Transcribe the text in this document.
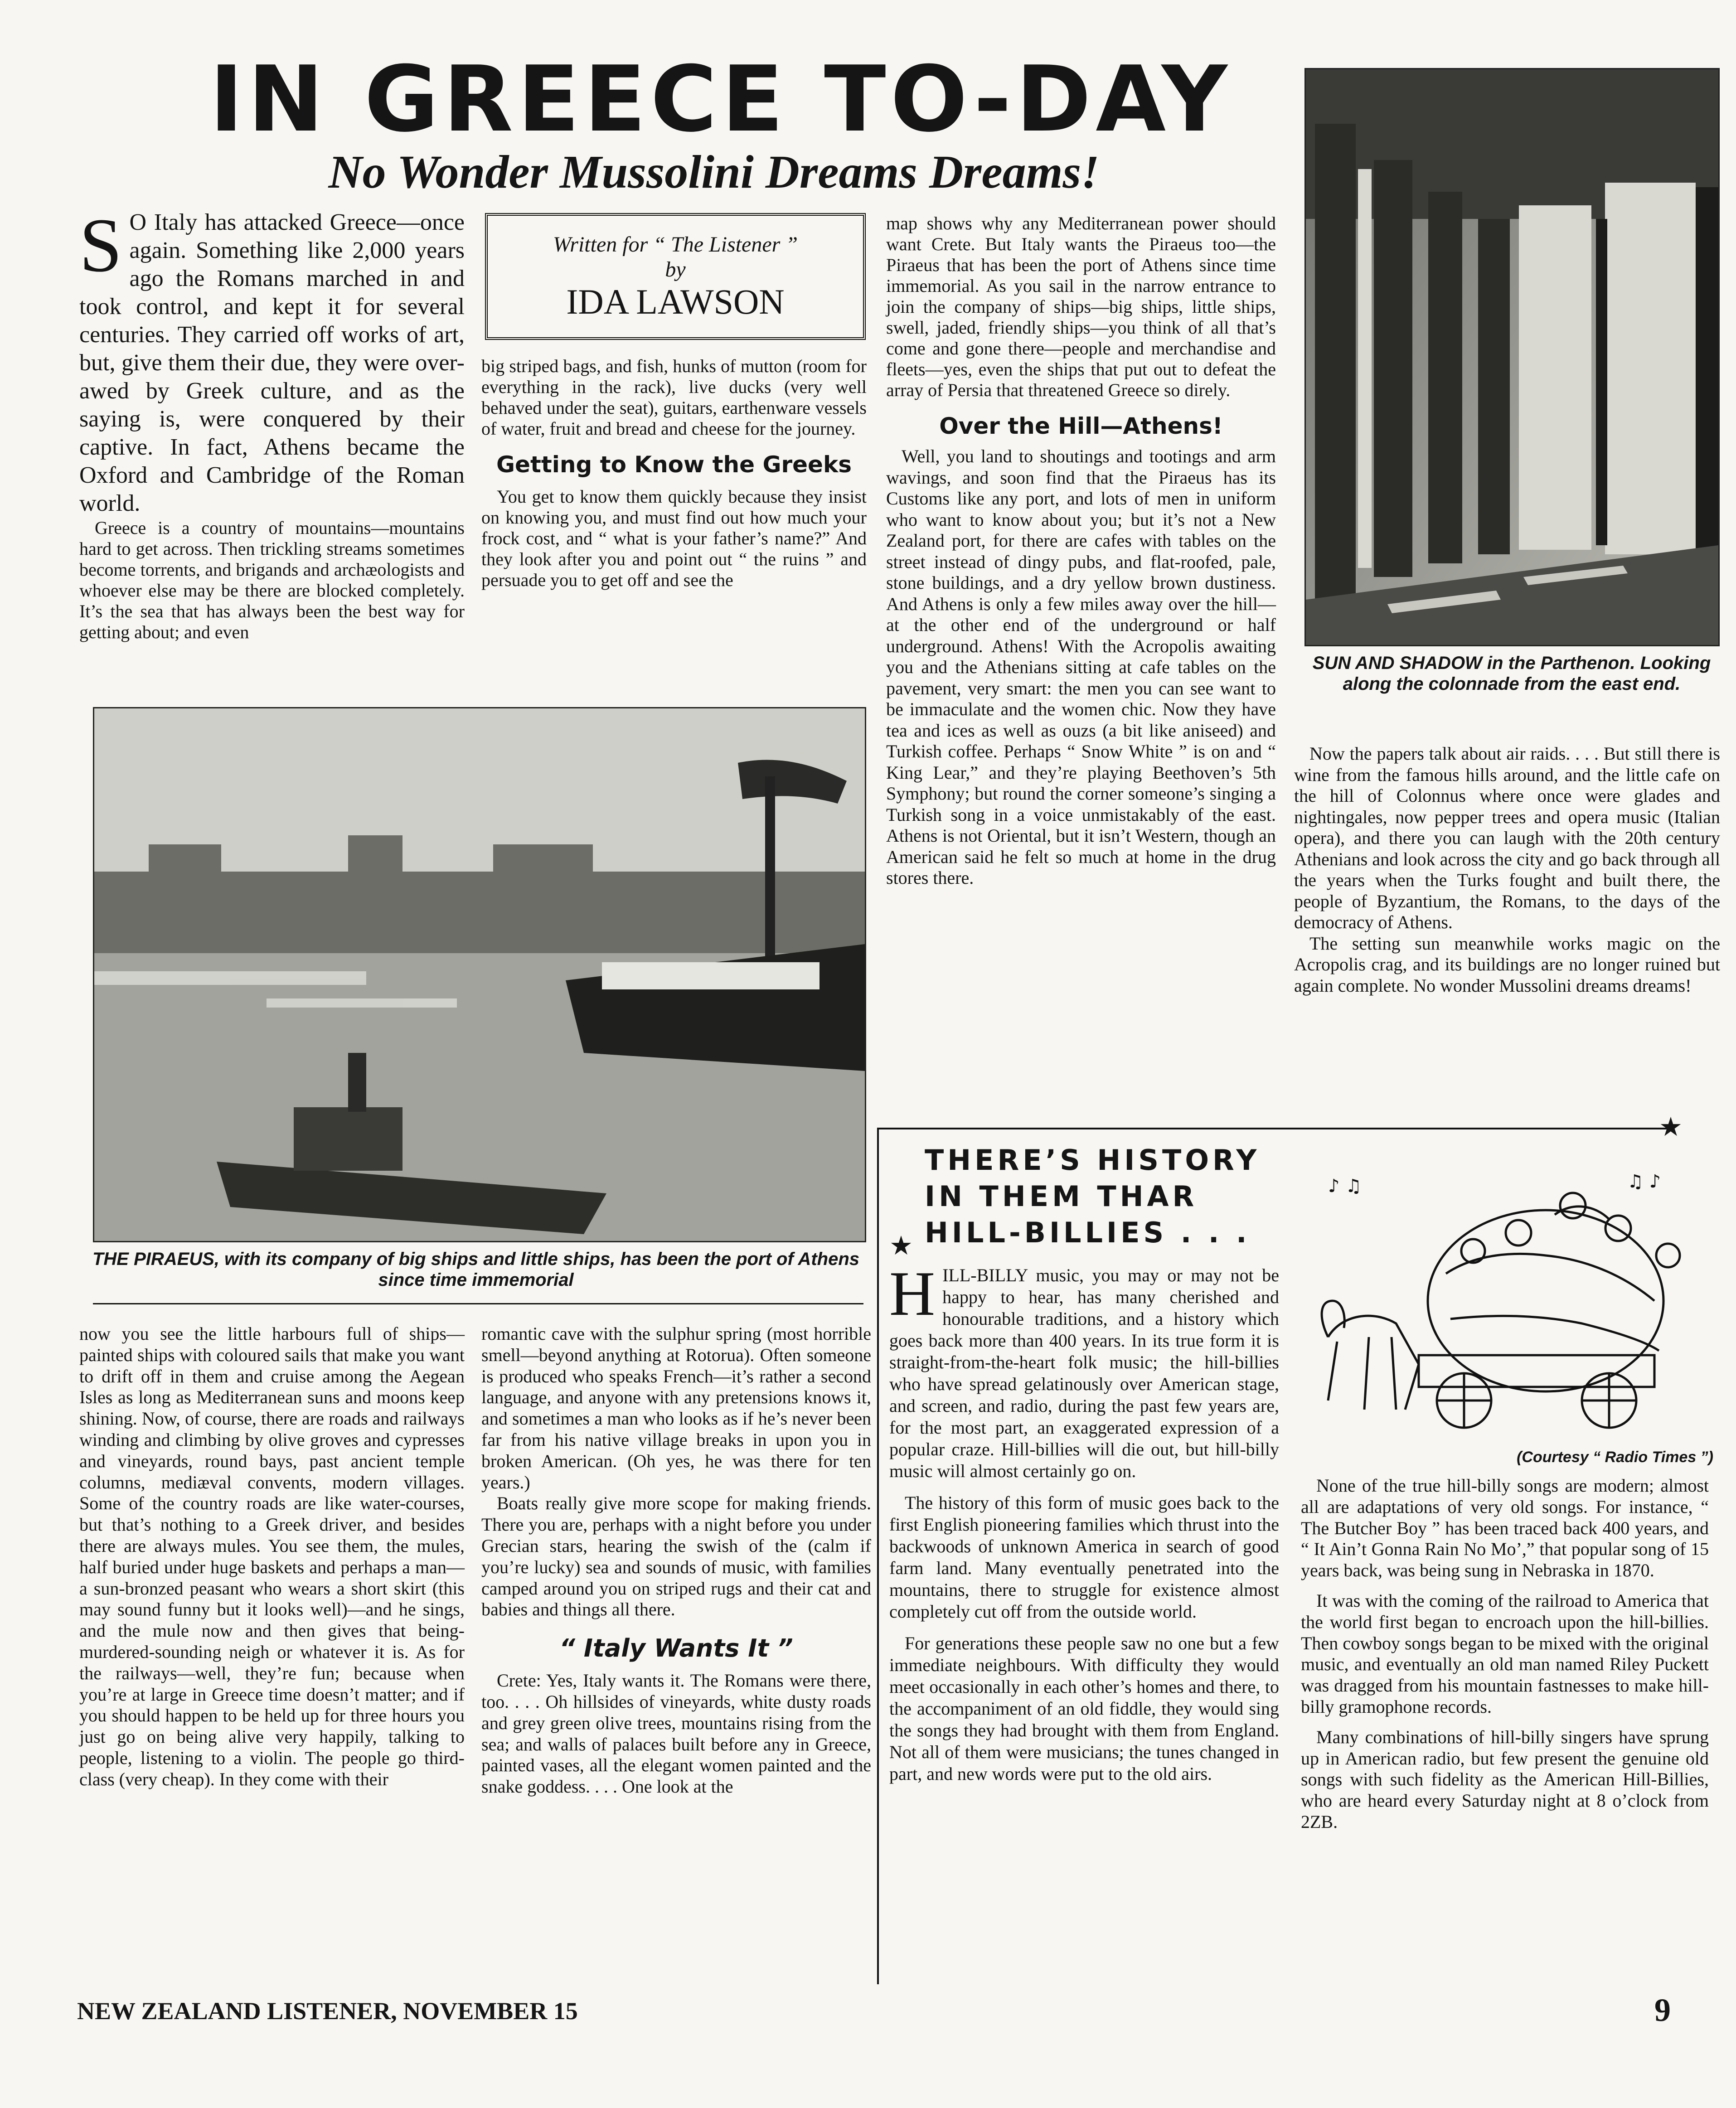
IN GREECE TO-DAY
No Wonder Mussolini Dreams Dreams!
SUN AND SHADOW in the Parthenon. Looking along the colonnade from the east end.
Written for “ The Listener ”
by
IDA LAWSON
S O Italy has attacked Greece—once again. Something like 2,000 years ago the Romans marched in and took control, and kept it for several centuries. They carried off works of art, but, give them their due, they were over-awed by Greek culture, and as the saying is, were conquered by their captive. In fact, Athens became the Oxford and Cambridge of the Roman world.

Greece is a country of mountains—mountains hard to get across. Then trickling streams sometimes become torrents, and brigands and archæologists and whoever else may be there are blocked completely. It’s the sea that has always been the best way for getting about; and even

big striped bags, and fish, hunks of mutton (room for everything in the rack), live ducks (very well behaved under the seat), guitars, earthenware vessels of water, fruit and bread and cheese for the journey.

Getting to Know the Greeks

You get to know them quickly because they insist on knowing you, and must find out how much your frock cost, and “ what is your father’s name?” And they look after you and point out “ the ruins ” and persuade you to get off and see the

map shows why any Mediterranean power should want Crete. But Italy wants the Piraeus too—the Piraeus that has been the port of Athens since time immemorial. As you sail in the narrow entrance to join the company of ships—big ships, little ships, swell, jaded, friendly ships—you think of all that’s come and gone there—people and merchandise and fleets—yes, even the ships that put out to defeat the array of Persia that threatened Greece so direly.

Over the Hill—Athens!

Well, you land to shoutings and tootings and arm wavings, and soon find that the Piraeus has its Customs like any port, and lots of men in uniform who want to know about you; but it’s not a New Zealand port, for there are cafes with tables on the street instead of dingy pubs, and flat-roofed, pale, stone buildings, and a dry yellow brown dustiness. And Athens is only a few miles away over the hill—at the other end of the underground or half underground. Athens! With the Acropolis awaiting you and the Athenians sitting at cafe tables on the pavement, very smart: the men you can see want to be immaculate and the women chic. Now they have tea and ices as well as ouzs (a bit like aniseed) and Turkish coffee. Perhaps “ Snow White ” is on and “ King Lear,” and they’re playing Beethoven’s 5th Symphony; but round the corner someone’s singing a Turkish song in a voice unmistakably of the east. Athens is not Oriental, but it isn’t Western, though an American said he felt so much at home in the drug stores there.

Now the papers talk about air raids. . . . But still there is wine from the famous hills around, and the little cafe on the hill of Colonnus where once were glades and nightingales, now pepper trees and opera music (Italian opera), and there you can laugh with the 20th century Athenians and look across the city and go back through all the years when the Turks fought and built there, the people of Byzantium, the Romans, to the days of the democracy of Athens.

The setting sun meanwhile works magic on the Acropolis crag, and its buildings are no longer ruined but again complete. No wonder Mussolini dreams dreams!

THE PIRAEUS, with its company of big ships and little ships, has been the port of Athens since time immemorial

now you see the little harbours full of ships—painted ships with coloured sails that make you want to drift off in them and cruise among the Aegean Isles as long as Mediterranean suns and moons keep shining. Now, of course, there are roads and railways winding and climbing by olive groves and cypresses and vineyards, round bays, past ancient temple columns, mediæval convents, modern villages. Some of the country roads are like water-courses, but that’s nothing to a Greek driver, and besides there are always mules. You see them, the mules, half buried under huge baskets and perhaps a man—a sun-bronzed peasant who wears a short skirt (this may sound funny but it looks well)—and he sings, and the mule now and then gives that being-murdered-sounding neigh or whatever it is. As for the railways—well, they’re fun; because when you’re at large in Greece time doesn’t matter; and if you should happen to be held up for three hours you just go on being alive very happily, talking to people, listening to a violin. The people go third-class (very cheap). In they come with their

romantic cave with the sulphur spring (most horrible smell—beyond anything at Rotorua). Often someone is produced who speaks French—it’s rather a second language, and anyone with any pretensions knows it, and sometimes a man who looks as if he’s never been far from his native village breaks in upon you in broken American. (Oh yes, he was there for ten years.)

Boats really give more scope for making friends. There you are, perhaps with a night before you under Grecian stars, hearing the swish of the (calm if you’re lucky) sea and sounds of music, with families camped around you on striped rugs and their cat and babies and things all there.

“ Italy Wants It ”

Crete: Yes, Italy wants it. The Romans were there, too. . . . Oh hillsides of vineyards, white dusty roads and grey green olive trees, mountains rising from the sea; and walls of palaces built before any in Greece, painted vases, all the elegant women painted and the snake goddess. . . . One look at the

★
★
THERE’S HISTORY
IN THEM THAR
HILL-BILLIES . . .
H ILL-BILLY music, you may or may not be happy to hear, has many cherished and honourable traditions, and a history which goes back more than 400 years. In its true form it is straight-from-the-heart folk music; the hill-billies who have spread gelatinously over American stage, and screen, and radio, during the past few years are, for the most part, an exaggerated expression of a popular craze. Hill-billies will die out, but hill-billy music will almost certainly go on.

The history of this form of music goes back to the first English pioneering families which thrust into the backwoods of unknown America in search of good farm land. Many eventually penetrated into the mountains, there to struggle for existence almost completely cut off from the outside world.

For generations these people saw no one but a few immediate neighbours. With difficulty they would meet occasionally in each other’s homes and there, to the accompaniment of an old fiddle, they would sing the songs they had brought with them from England. Not all of them were musicians; the tunes changed in part, and new words were put to the old airs.

♪ ♫	♫ ♪
(Courtesy “ Radio Times ”)

None of the true hill-billy songs are modern; almost all are adaptations of very old songs. For instance, “ The Butcher Boy ” has been traced back 400 years, and “ It Ain’t Gonna Rain No Mo’,” that popular song of 15 years back, was being sung in Nebraska in 1870.

It was with the coming of the railroad to America that the world first began to encroach upon the hill-billies. Then cowboy songs began to be mixed with the original music, and eventually an old man named Riley Puckett was dragged from his mountain fastnesses to make hill-billy gramophone records.

Many combinations of hill-billy singers have sprung up in American radio, but few present the genuine old songs with such fidelity as the American Hill-Billies, who are heard every Saturday night at 8 o’clock from 2ZB.

NEW ZEALAND LISTENER, NOVEMBER 15	9
